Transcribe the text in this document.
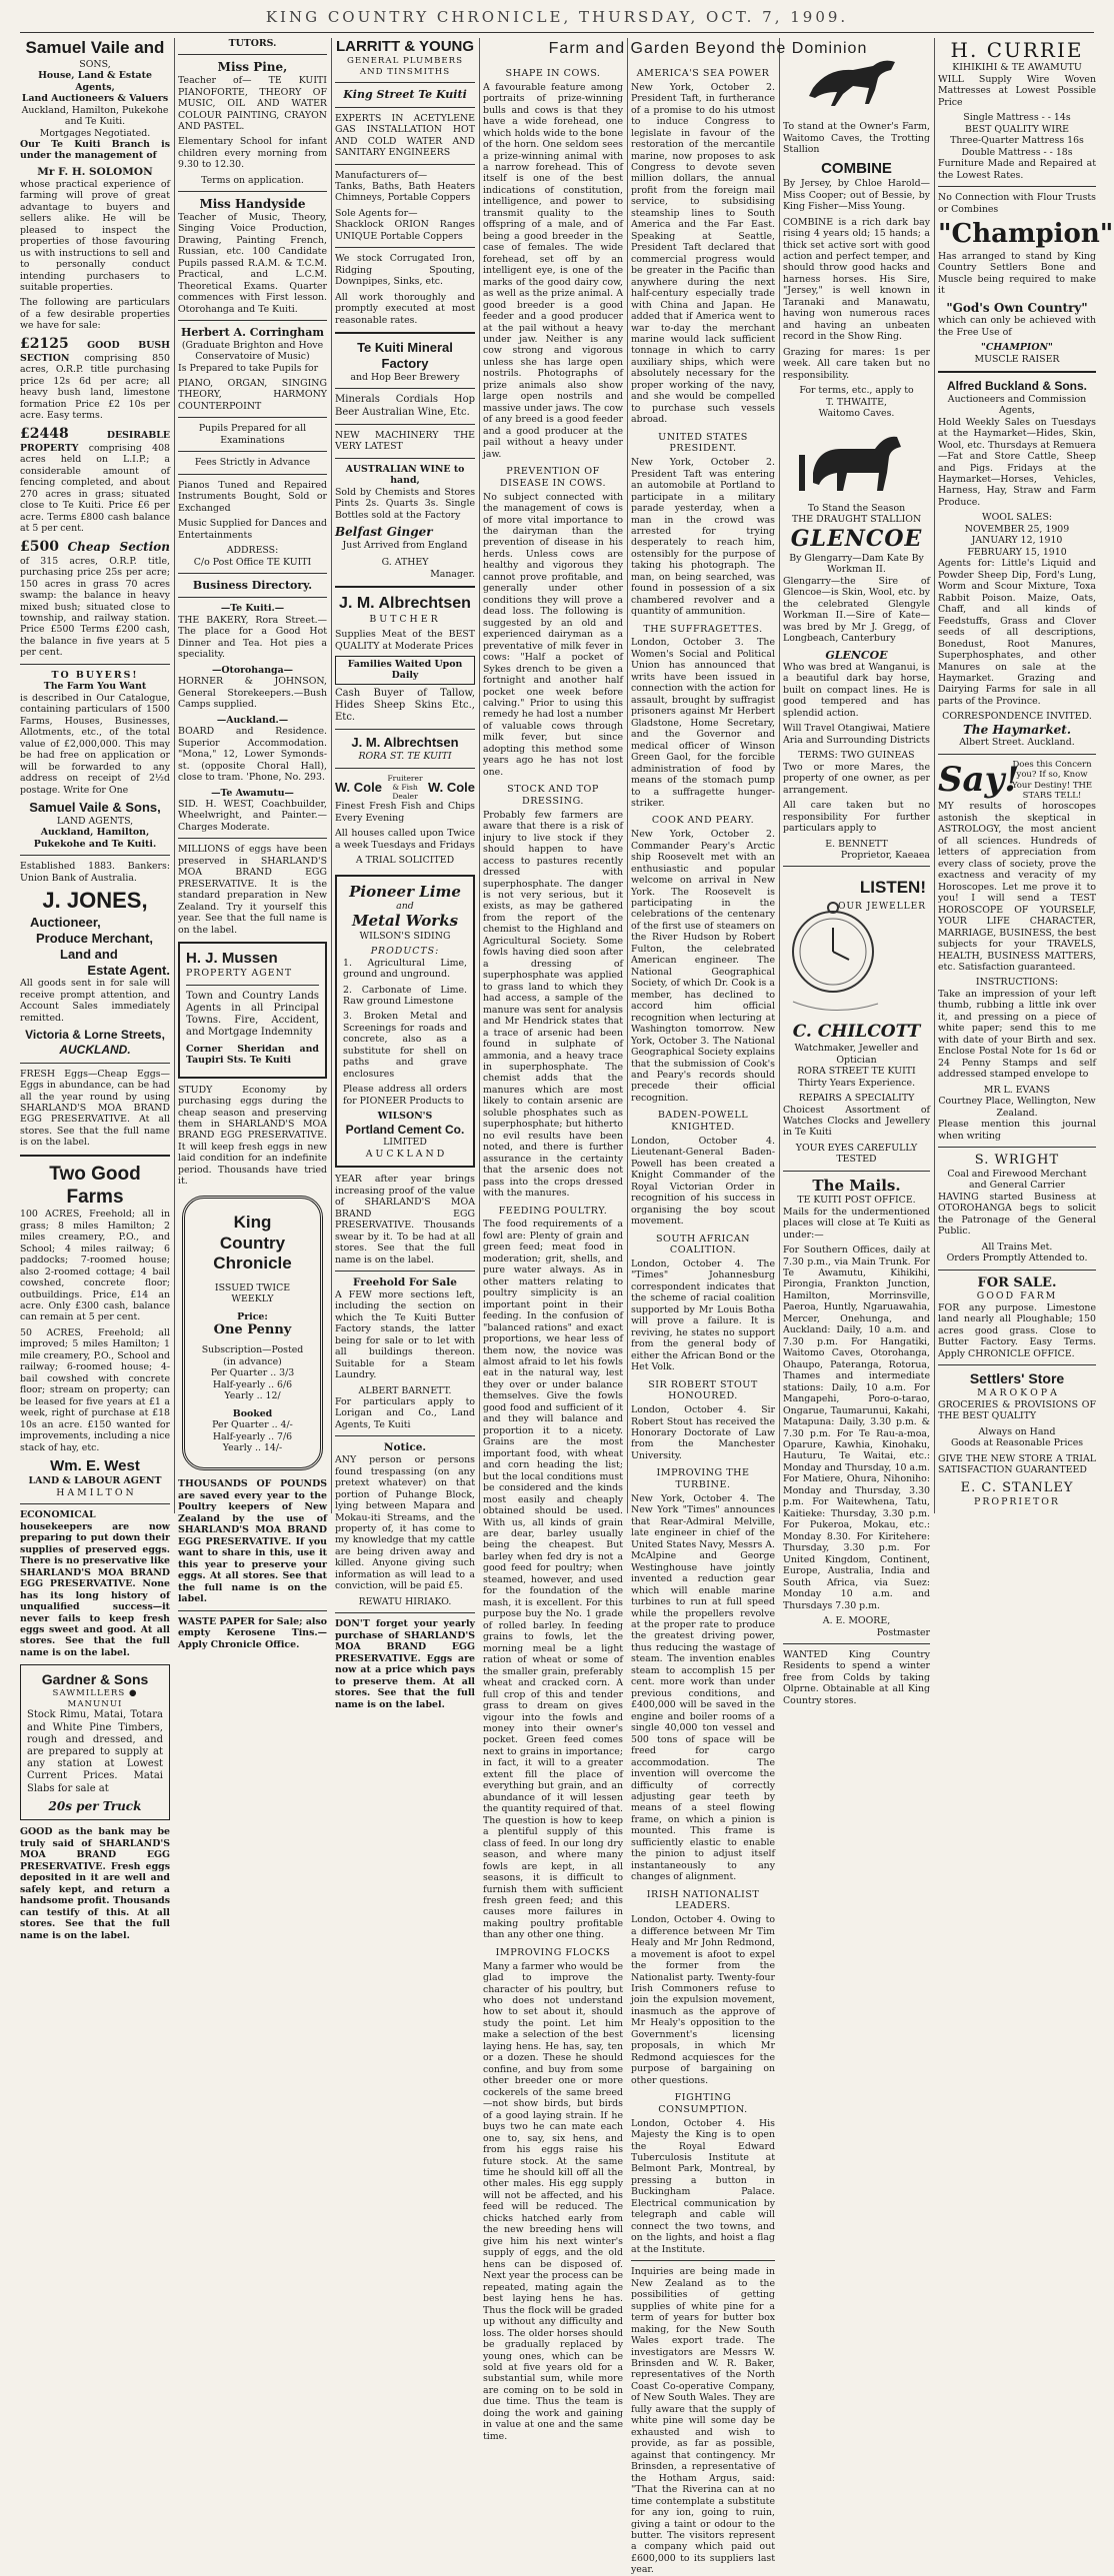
KING COUNTRY CHRONICLE, THURSDAY, OCT. 7, 1909.
Samuel Vaile and
SONS,
House, Land & Estate Agents,
Land Auctioneers & Valuers
Auckland, Hamilton, Pukekohe and Te Kuiti.
Mortgages Negotiated.

Our Te Kuiti Branch is under the management of

Mr F. H. SOLOMON

whose practical experience of farming will prove of great advantage to buyers and sellers alike. He will be pleased to inspect the properties of those favouring us with instructions to sell and to personally conduct intending purchasers to suitable properties.

The following are particulars of a few desirable properties we have for sale:

£2125 GOOD BUSH SECTION comprising 850 acres, O.R.P. title purchasing price 12s 6d per acre; all heavy bush land, limestone formation Price £2 10s per acre. Easy terms.

£2448	DESIRABLE PROPERTY comprising 408 acres held on L.I.P.; a considerable amount of fencing completed, and about 270 acres in grass; situated close to Te Kuiti. Price £6 per acre. Terms £800 cash balance at 5 per cent.

£500 Cheap Section of 315 acres, O.R.P. title, purchasing price 25s per acre; 150 acres in grass 70 acres swamp: the balance in heavy mixed bush; situated close to township, and railway station. Price £500 Terms £200 cash, the balance in five years at 5 per cent.

TO BUYERS!
The Farm You Want

is described in Our Catalogue, containing particulars of 1500 Farms, Houses, Businesses, Allotments, etc., of the total value of £2,000,000. This may be had free on application or will be forwarded to any address on receipt of 2½d postage. Write for One

Samuel Vaile & Sons,
LAND AGENTS,
Auckland, Hamilton, Pukekohe and Te Kuiti.

Established 1883. Bankers: Union Bank of Australia.

J. JONES,
Auctioneer,
Produce Merchant,
Land and
Estate Agent.

All goods sent in for sale will receive prompt attention, and Account Sales immediately remitted.

Victoria & Lorne Streets,
AUCKLAND.

FRESH Eggs—Cheap Eggs—Eggs in abundance, can be had all the year round by using SHARLAND'S MOA BRAND EGG PRESERVATIVE. At all stores. See that the full name is on the label.

Two Good Farms

100 ACRES, Freehold; all in grass; 8 miles Hamilton; 2 miles creamery, P.O., and School; 4 miles railway; 6 paddocks; 7-roomed house; also 2-roomed cottage; 4 bail cowshed, concrete floor; outbuildings. Price, £14 an acre. Only £300 cash, balance can remain at 5 per cent.

50 ACRES, Freehold; all improved; 5 miles Hamilton; 1 mile creamery, P.O., School and railway; 6-roomed house; 4-bail cowshed with concrete floor; stream on property; can be leased for five years at £1 a week, right of purchase at £18 10s an acre. £150 wanted for improvements, including a nice stack of hay, etc.

Wm. E. West
LAND & LABOUR AGENT
H A M I L T O N

ECONOMICAL housekeepers are now preparing to put down their supplies of preserved eggs. There is no preservative like SHARLAND'S MOA BRAND EGG PRESERVATIVE. None has its long history of unqualified success—it never fails to keep fresh eggs sweet and good. At all stores. See that the full name is on the label.

Gardner & Sons
SAWMILLERS ● MANUNUI

Stock Rimu, Matai, Totara and White Pine Timbers, rough and dressed, and are prepared to supply at any station at Lowest Current Prices. Matai Slabs for sale at

20s per Truck

GOOD as the bank may be truly said of SHARLAND'S MOA BRAND EGG PRESERVATIVE. Fresh eggs deposited in it are well and safely kept, and return a handsome profit. Thousands can testify of this. At all stores. See that the full name is on the label.

TUTORS.
Miss Pine,

Teacher of— TE KUITI PIANOFORTE, THEORY OF MUSIC, OIL AND WATER COLOUR PAINTING, CRAYON AND PASTEL.

Elementary School for infant children every morning from 9.30 to 12.30.

Terms on application.
Miss Handyside

Teacher of Music, Theory, Singing Voice Production, Drawing, Painting French, Russian, etc. 100 Candidate Pupils passed R.A.M. & T.C.M. Practical, and L.C.M. Theoretical Exams. Quarter commences with First lesson. Otorohanga and Te Kuiti.

Herbert A. Corringham
(Graduate Brighton and Hove Conservatoire of Music)

Is Prepared to take Pupils for

PIANO, ORGAN, SINGING THEORY, HARMONY COUNTERPOINT

Pupils Prepared for all Examinations
Fees Strictly in Advance

Pianos Tuned and Repaired Instruments Bought, Sold or Exchanged

Music Supplied for Dances and Entertainments

ADDRESS:
C/o Post Office TE KUITI
Business Directory.
—Te Kuiti.—

THE BAKERY, Rora Street.—The place for a Good Hot Dinner and Tea. Hot pies a speciality.

—Otorohanga—

HORNER & JOHNSON, General Storekeepers.—Bush Camps supplied.

—Auckland.—

BOARD and Residence. Superior Accommodation. "Mona," 12, Lower Symonds-st. (opposite Choral Hall), close to tram. 'Phone, No. 293.

—Te Awamutu—

SID. H. WEST, Coachbuilder, Wheelwright, and Painter.—Charges Moderate.

MILLIONS of eggs have been preserved in SHARLAND'S MOA BRAND EGG PRESERVATIVE. It is the standard preparation in New Zealand. Try it yourself this year. See that the full name is on the label.

H. J. Mussen
PROPERTY AGENT

Town and Country Lands Agents in all Principal Towns. Fire, Accident, and Mortgage Indemnity

Corner Sheridan and Taupiri Sts. Te Kuiti

STUDY Economy by purchasing eggs during the cheap season and preserving them in SHARLAND'S MOA BRAND EGG PRESERVATIVE. It will keep fresh eggs in new laid condition for an indefinite period. Thousands have tried it.

King
Country
Chronicle
ISSUED TWICE WEEKLY
Price:
One Penny
Subscription—Posted
(in advance)
Per Quarter .. 3/3
Half-yearly .. 6/6
Yearly .. 12/
Booked
Per Quarter .. 4/-
Half-yearly .. 7/6
Yearly .. 14/-

THOUSANDS OF POUNDS are saved every year to the Poultry keepers of New Zealand by the use of SHARLAND'S MOA BRAND EGG PRESERVATIVE. If you want to share in this, use it this year to preserve your eggs. At all stores. See that the full name is on the label.

WASTE PAPER for Sale; also empty Kerosene Tins.—Apply Chronicle Office.

LARRITT & YOUNG
GENERAL PLUMBERS AND TINSMITHS
King Street Te Kuiti

EXPERTS IN ACETYLENE GAS INSTALLATION HOT AND COLD WATER AND SANITARY ENGINEERS

Manufacturers of—

Tanks, Baths, Bath Heaters Chimneys, Portable Coppers

Sole Agents for—

Shacklock ORION Ranges UNIQUE Portable Coppers

We stock Corrugated Iron, Ridging Spouting, Downpipes, Sinks, etc.

All work thoroughly and promptly executed at most reasonable rates.

Te Kuiti Mineral Factory
and Hop Beer Brewery

Minerals Cordials Hop Beer Australian Wine, Etc.

NEW MACHINERY THE VERY LATEST

AUSTRALIAN WINE to hand,

Sold by Chemists and Stores Pints 2s. Quarts 3s. Single Bottles sold at the Factory

Belfast Ginger
Just Arrived from England
G. ATHEY
Manager.
J. M. Albrechtsen
BUTCHER

Supplies Meat of the BEST QUALITY at Moderate Prices

Families Waited Upon Daily

Cash Buyer of Tallow, Hides Sheep Skins Etc., Etc.

J. M. Albrechtsen
RORA ST. TE KUITI
W. Cole
Fruiterer & Fish Dealer
W. Cole

Finest Fresh Fish and Chips Every Evening

All houses called upon Twice a week Tuesdays and Fridays

A TRIAL SOLICITED
Pioneer Lime
and
Metal Works
WILSON'S SIDING
PRODUCTS:

1. Agricultural Lime, ground and unground.

2. Carbonate of Lime. Raw ground Limestone

3. Broken Metal and Screenings for roads and concrete, also as a substitute for shell on paths and grave enclosures

Please address all orders for PIONEER Products to

WILSON'S
Portland Cement Co.
LIMITED
A U C K L A N D

YEAR after year brings increasing proof of the value of SHARLAND'S MOA BRAND EGG PRESERVATIVE. Thousands swear by it. To be had at all stores. See that the full name is on the label.

Freehold For Sale

A FEW more sections left, including the section on which the Te Kuiti Butter Factory stands, the latter being for sale or to let with all buildings thereon. Suitable for a Steam Laundry.

ALBERT BARNETT.

For particulars apply to Lorigan and Co., Land Agents, Te Kuiti

Notice.

ANY person or persons found trespassing (on any pretext whatever) on that portion of Puhange Block, lying between Mapara and Mokau-iti Streams, and the property of, it has come to my knowledge that my cattle are being driven away and killed. Anyone giving such information as will lead to a conviction, will be paid £5.

REWATU HIRIAKO.

DON'T forget your yearly purchase of SHARLAND'S MOA BRAND EGG PRESERVATIVE. Eggs are now at a price which pays to preserve them. At all stores. See that the full name is on the label.

Farm and Garden Beyond the Dominion
SHAPE IN COWS.

A favourable feature among portraits of prize-winning bulls and cows is that they have a wide forehead, one which holds wide to the bone of the horn. One seldom sees a prize-winning animal with a narrow forehead. This of itself is one of the best indications of constitution, intelligence, and power to transmit quality to the offspring of a male, and of being a good breeder in the case of females. The wide forehead, set off by an intelligent eye, is one of the marks of the good dairy cow, as well as the prize animal. A good breeder is a good feeder and a good producer at the pail without a heavy under jaw. Neither is any cow strong and vigorous unless she has large open nostrils. Photographs of prize animals also show large open nostrils and massive under jaws. The cow of any breed is a good feeder and a good producer at the pail without a heavy under jaw.

PREVENTION OF DISEASE IN COWS.

No subject connected with the management of cows is of more vital importance to the dairyman than the prevention of disease in his herds. Unless cows are healthy and vigorous they cannot prove profitable, and generally under other conditions they will prove a dead loss. The following is suggested by an old and experienced dairyman as a preventative of milk fever in cows: "Half a pocket of Sykes drench to be given a fortnight and another half pocket one week before calving." Prior to using this remedy he had lost a number of valuable cows through milk fever, but since adopting this method some years ago he has not lost one.

STOCK AND TOP DRESSING.

Probably few farmers are aware that there is a risk of injury to live stock if they should happen to have access to pastures recently dressed with superphosphate. The danger is not very serious, but it exists, as may be gathered from the report of the chemist to the Highland and Agricultural Society. Some fowls having died soon after a dressing of superphosphate was applied to grass land to which they had access, a sample of the manure was sent for analysis and Mr Hendrick states that a trace of arsenic had been found in sulphate of ammonia, and a heavy trace in superphosphate. The chemist adds that the manures which are most likely to contain arsenic are soluble phosphates such as superphosphate; but hitherto no evil results have been noted, and there is further assurance in the certainty that the arsenic does not pass into the crops dressed with the manures.

FEEDING POULTRY.

The food requirements of a fowl are: Plenty of grain and green feed; meat food in moderation; grit, shells, and pure water always. As in other matters relating to poultry simplicity is an important point in their feeding. In the confusion of "balanced rations" and exact proportions, we hear less of them now, the novice was almost afraid to let his fowls eat in the natural way, lest they over or under balance themselves. Give the fowls good food and sufficient of it and they will balance and proportion it to a nicety. Grains are the most important food, with wheat and corn heading the list; but the local conditions must be considered and the kinds most easily and cheaply obtained should be used. With us, all kinds of grain are dear, barley usually being the cheapest. But barley when fed dry is not a good feed for poultry; when steamed, however, and used for the foundation of the mash, it is excellent. For this purpose buy the No. 1 grade of rolled barley. In feeding grains to fowls, let the morning meal be a light ration of wheat or some of the smaller grain, preferably wheat and cracked corn. A full crop of this and tender grass to dream on gives vigour into the fowls and money into their owner's pocket. Green feed comes next to grains in importance; in fact, it will to a greater extent fill the place of everything but grain, and an abundance of it will lessen the quantity required of that. The question is how to keep a plentiful supply of this class of feed. In our long dry season, and where many fowls are kept, in all seasons, it is difficult to furnish them with sufficient fresh green feed; and this causes more failures in making poultry profitable than any other one thing.

IMPROVING FLOCKS

Many a farmer who would be glad to improve the character of his poultry, but who does not understand how to set about it, should study the point. Let him make a selection of the best laying hens. He has, say, ten or a dozen. These he should confine, and buy from some other breeder one or more cockerels of the same breed—not show birds, but birds of a good laying strain. If he buys two he can mate each one to, say, six hens, and from his eggs raise his future stock. At the same time he should kill off all the other males. His egg supply will not be affected, and his feed will be reduced. The chicks hatched early from the new breeding hens will give him his next winter's supply of eggs, and the old hens can be disposed of. Next year the process can be repeated, mating again the best laying hens he has. Thus the flock will be graded up without any difficulty and loss. The older horses should be gradually replaced by young ones, which can be sold at five years old for a substantial sum, while more are coming on to be sold in due time. Thus the team is doing the work and gaining in value at one and the same time.

AMERICA'S SEA POWER

New York, October 2. President Taft, in furtherance of a promise to do his utmost to induce Congress to legislate in favour of the restoration of the mercantile marine, now proposes to ask Congress to devote seven million dollars, the annual profit from the foreign mail service, to subsidising steamship lines to South America and the Far East. Speaking at Seattle, President Taft declared that commercial progress would be greater in the Pacific than anywhere during the next half-century especially trade with China and Japan. He added that if America went to war to-day the merchant marine would lack sufficient tonnage in which to carry auxiliary ships, which were absolutely necessary for the proper working of the navy, and she would be compelled to purchase such vessels abroad.

UNITED STATES PRESIDENT.

New York, October 2. President Taft was entering an automobile at Portland to participate in a military parade yesterday, when a man in the crowd was arrested for trying desperately to reach him, ostensibly for the purpose of taking his photograph. The man, on being searched, was found in possession of a six chambered revolver and a quantity of ammunition.

THE SUFFRAGETTES.

London, October 3. The Women's Social and Political Union has announced that writs have been issued in connection with the action for assault, brought by suffragist prisoners against Mr Herbert Gladstone, Home Secretary, and the Governor and medical officer of Winson Green Gaol, for the forcible administration of food by means of the stomach pump to a suffragette hunger-striker.

COOK AND PEARY.

New York, October 2. Commander Peary's Arctic ship Roosevelt met with an enthusiastic and popular welcome on arrival in New York. The Roosevelt is participating in the celebrations of the centenary of the first use of steamers on the River Hudson by Robert Fulton, the celebrated American engineer. The National Geographical Society, of which Dr. Cook is a member, has declined to accord him official recognition when lecturing at Washington tomorrow. New York, October 3. The National Geographical Society explains that the submission of Cook's and Peary's records should precede their official recognition.

BADEN-POWELL KNIGHTED.

London, October 4. Lieutenant-General Baden-Powell has been created a Knight Commander of the Royal Victorian Order in recognition of his success in organising the boy scout movement.

SOUTH AFRICAN COALITION.

London, October 4. The "Times" Johannesburg correspondent indicates that the scheme of racial coalition supported by Mr Louis Botha will prove a failure. It is reviving, he states no support from the general body of either the African Bond or the Het Volk.

SIR ROBERT STOUT HONOURED.

London, October 4. Sir Robert Stout has received the Honorary Doctorate of Law from the Manchester University.

IMPROVING THE TURBINE.

New York, October 4. The New York "Times" announces that Rear-Admiral Melville, late engineer in chief of the United States Navy, Messrs A. McAlpine and George Westinghouse have jointly invented a reduction gear which will enable marine turbines to run at full speed while the propellers revolve at the proper rate to produce the greatest driving power, thus reducing the wastage of steam. The invention enables steam to accomplish 15 per cent. more work than under previous conditions, and £400,000 will be saved in the engine and boiler rooms of a single 40,000 ton vessel and 500 tons of space will be freed for cargo accommodation. The invention will overcome the difficulty of correctly adjusting gear teeth by means of a steel flowing frame, on which a pinion is mounted. This frame is sufficiently elastic to enable the pinion to adjust itself instantaneously to any changes of alignment.

IRISH NATIONALIST LEADERS.

London, October 4. Owing to a difference between Mr Tim Healy and Mr John Redmond, a movement is afoot to expel the former from the Nationalist party. Twenty-four Irish Commoners refuse to join the expulsion movement, inasmuch as the approve of Mr Healy's opposition to the Government's licensing proposals, in which Mr Redmond acquiesces for the purpose of bargaining on other questions.

FIGHTING CONSUMPTION.

London, October 4. His Majesty the King is to open the Royal Edward Tuberculosis Institute at Belmont Park, Montreal, by pressing a button in Buckingham Palace. Electrical communication by telegraph and cable will connect the two towns, and on the lights, and hoist a flag at the Institute.

Inquiries are being made in New Zealand as to the possibilities of getting supplies of white pine for a term of years for butter box making, for the New South Wales export trade. The investigators are Messrs W. Brinsden and W. R. Baker, representatives of the North Coast Co-operative Company, of New South Wales. They are fully aware that the supply of white pine will some day be exhausted and wish to provide, as far as possible, against that contingency. Mr Brinsden, a representative of the Hotham Argus, said: "That the Riverina can at no time contemplate a substitute for any ion, going to ruin, giving a taint or odour to the butter. The visitors represent a company which paid out £600,000 to its suppliers last year.

To stand at the Owner's Farm, Waitomo Caves, the Trotting Stallion

COMBINE

By Jersey, by Chloe Harold—Miss Cooper; out of Bessie, by King Fisher—Miss Young.

COMBINE is a rich dark bay rising 4 years old; 15 hands; a thick set active sort with good action and perfect temper, and should throw good hacks and harness horses. His Sire, "Jersey," is well known in Taranaki and Manawatu, having won numerous races and having an unbeaten record in the Show Ring.

Grazing for mares: 1s per week. All care taken but no responsibility.

For terms, etc., apply to
T. THWAITE,
Waitomo Caves.
To Stand the Season
THE DRAUGHT STALLION
GLENCOE
By Glengarry—Dam Kate By Workman II.

Glengarry—the Sire of Glencoe—is Skin, Wool, etc. by the celebrated Glengyle Workman II.—Sire of Kate—was bred by Mr J. Gregg, of Longbeach, Canterbury

GLENCOE

Who was bred at Wanganui, is a beautiful dark bay horse, built on compact lines. He is good tempered and has splendid action.

Will Travel Otangiwai, Matiere Aria and Surrounding Districts

TERMS: TWO GUINEAS

Two or more Mares, the property of one owner, as per arrangement.

All care taken but no responsibility For further particulars apply to

E. BENNETT
Proprietor, Kaeaea
LISTEN!
OUR JEWELLER
C. CHILCOTT
Watchmaker, Jeweller and Optician
RORA STREET TE KUITI
Thirty Years Experience.
REPAIRS A SPECIALITY

Choicest Assortment of Watches Clocks and Jewellery in Te Kuiti

YOUR EYES CAREFULLY TESTED
The Mails.
TE KUITI POST OFFICE.

Mails for the undermentioned places will close at Te Kuiti as under:—

For Southern Offices, daily at 7.30 p.m., via Main Trunk. For Te Awamutu, Kihikihi, Pirongia, Frankton Junction, Hamilton, Morrinsville, Paeroa, Huntly, Ngaruawahia, Mercer, Onehunga, and Auckland: Daily, 10 a.m. and 7.30 p.m. For Hangatiki, Waitomo Caves, Otorohanga, Ohaupo, Pateranga, Rotorua, Thames and intermediate stations: Daily, 10 a.m. For Mangapehi, Poro-o-tarao, Ongarue, Taumarunui, Kakahi, Matapuna: Daily, 3.30 p.m. & 7.30 p.m. For Te Rau-a-moa, Oparure, Kawhia, Kinohaku, Hauturu, Te Waitai, etc.: Monday and Thursday, 10 a.m. For Matiere, Ohura, Nihoniho: Monday and Thursday, 3.30 p.m. For Waitewhena, Tatu, Kaitieke: Thursday, 3.30 p.m. For Pukeroa, Mokau, etc.: Monday 8.30. For Kiritehere: Thursday, 3.30 p.m. For United Kingdom, Continent, Europe, Australia, India and South Africa, via Suez: Monday 10 a.m. and Thursdays 7.30 p.m.

A. E. MOORE,
Postmaster

WANTED King Country Residents to spend a winter free from Colds by taking Olprne. Obtainable at all King Country stores.

H. CURRIE
KIHIKIHI & TE AWAMUTU

WILL Supply Wire Woven Mattresses at Lowest Possible Price

Single Mattress - - 14s
BEST QUALITY WIRE
Three-Quarter Mattress 16s
Double Mattress - - 18s

Furniture Made and Repaired at the Lowest Rates.

No Connection with Flour Trusts or Combines

"Champion"

Has arranged to stand by King Country Settlers Bone and Muscle being required to make it

"God's Own Country"

which can only be achieved with the Free Use of

"CHAMPION"
MUSCLE RAISER
Alfred Buckland & Sons.
Auctioneers and Commission Agents,

Hold Weekly Sales on Tuesdays at the Haymarket—Hides, Skin, Wool, etc. Thursdays at Remuera—Fat and Store Cattle, Sheep and Pigs. Fridays at the Haymarket—Horses, Vehicles, Harness, Hay, Straw and Farm Produce.

WOOL SALES:
NOVEMBER 25, 1909
JANUARY 12, 1910
FEBRUARY 15, 1910

Agents for: Little's Liquid and Powder Sheep Dip, Ford's Lung, Worm and Scour Mixture, Toxa Rabbit Poison. Maize, Oats, Chaff, and all kinds of Feedstuffs, Grass and Clover seeds of all descriptions, Bonedust, Root Manures, Superphosphates, and other Manures on sale at the Haymarket. Grazing and Dairying Farms for sale in all parts of the Province.

CORRESPONDENCE INVITED.
The Haymarket.
Albert Street. Auckland.
Say!
Does this Concern you? If so, Know Your Destiny! THE STARS TELL!

MY results of horoscopes astonish the skeptical in ASTROLOGY, the most ancient of all sciences. Hundreds of letters of appreciation from every class of society, prove the exactness and veracity of my Horoscopes. Let me prove it to you! I will send a TEST HOROSCOPE OF YOURSELF, YOUR LIFE CHARACTER, MARRIAGE, BUSINESS, the best subjects for your TRAVELS, HEALTH, BUSINESS MATTERS, etc. Satisfaction guaranteed.

INSTRUCTIONS:

Take an impression of your left thumb, rubbing a little ink over it, and pressing on a piece of white paper; send this to me with date of your Birth and sex. Enclose Postal Note for 1s 6d or 24 Penny Stamps and self addressed stamped envelope to

MR L. EVANS
Courtney Place, Wellington, New Zealand.

Please mention this journal when writing

S. WRIGHT
Coal and Firewood Merchant and General Carrier

HAVING started Business at OTOROHANGA begs to solicit the Patronage of the General Public.

All Trains Met.
Orders Promptly Attended to.
FOR SALE.
GOOD FARM

FOR any purpose. Limestone land nearly all Ploughable; 150 acres good grass. Close to Butter Factory. Easy Terms. Apply CHRONICLE OFFICE.

Settlers' Store
M A R O K O P A

GROCERIES & PROVISIONS OF THE BEST QUALITY

Always on Hand
Goods at Reasonable Prices

GIVE THE NEW STORE A TRIAL SATISFACTION GUARANTEED

E. C. STANLEY
PROPRIETOR
